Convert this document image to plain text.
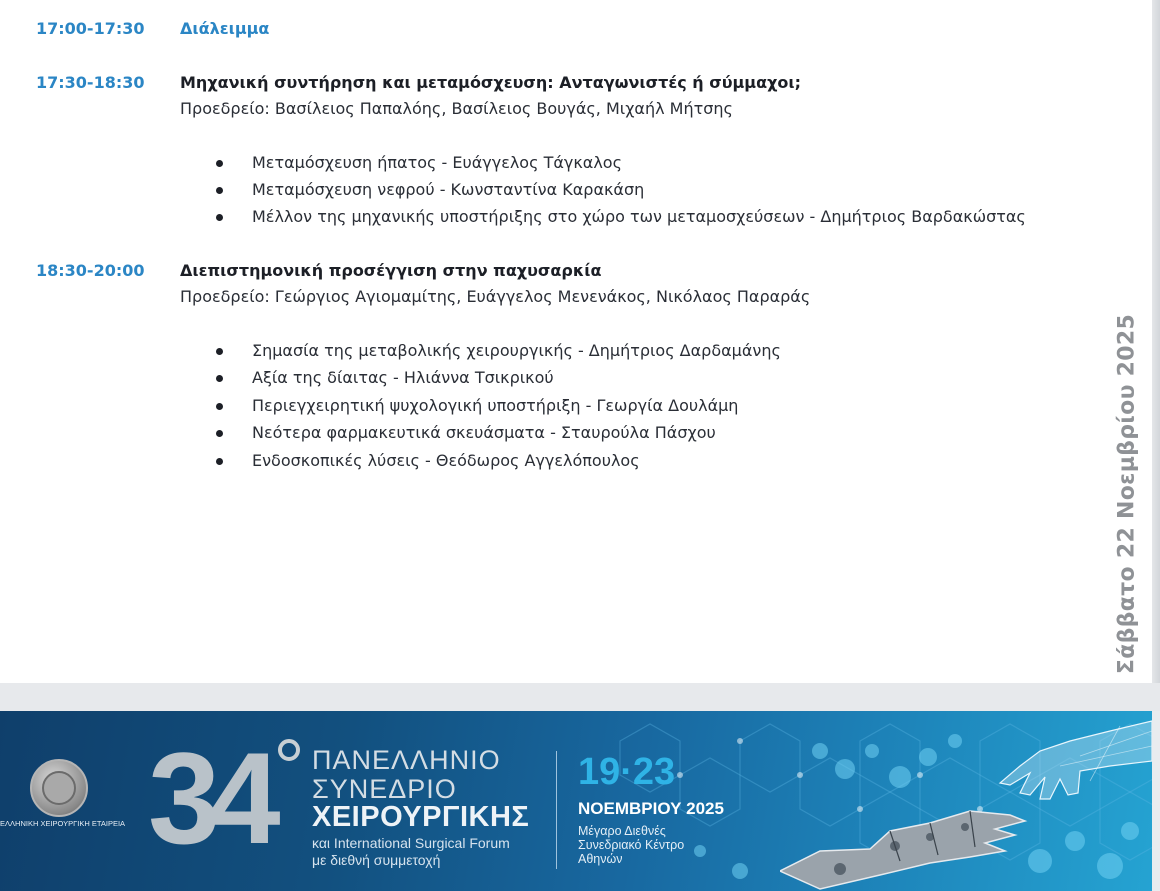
17:00-17:30 Διάλειμμα
17:30-18:30 Μηχανική συντήρηση και μεταμόσχευση: Ανταγωνιστές ή σύμμαχοι;
Προεδρείο: Βασίλειος Παπαλόης, Βασίλειος Βουγάς, Μιχαήλ Μήτσης
Μεταμόσχευση ήπατος - Ευάγγελος Τάγκαλος
Μεταμόσχευση νεφρού - Κωνσταντίνα Καρακάση
Μέλλον της μηχανικής υποστήριξης στο χώρο των μεταμοσχεύσεων - Δημήτριος Βαρδακώστας
18:30-20:00 Διεπιστημονική προσέγγιση στην παχυσαρκία
Προεδρείο: Γεώργιος Αγιομαμίτης, Ευάγγελος Μενενάκος, Νικόλαος Παραράς
Σημασία της μεταβολικής χειρουργικής - Δημήτριος Δαρδαμάνης
Αξία της δίαιτας - Ηλιάννα Τσικρικού
Περιεγχειρητική ψυχολογική υποστήριξη - Γεωργία Δουλάμη
Νεότερα φαρμακευτικά σκευάσματα - Σταυρούλα Πάσχου
Ενδοσκοπικές λύσεις - Θεόδωρος Αγγελόπουλος	Σάββατο 22 Νοεμβρίου 2025
ΕΛΛΗΝΙΚΗ ΧΕΙΡΟΥΡΓΙΚΗ ΕΤΑΙΡΕΙΑ 34 ΠΑΝΕΛΛΗΝΙΟ
ΣΥΝΕΔΡΙΟ
ΧΕΙΡΟΥΡΓΙΚΗΣ
και International Surgical Forum
με διεθνή συμμετοχή
19·23
ΝΟΕΜΒΡΙΟΥ 2025
Μέγαρο Διεθνές
Συνεδριακό Κέντρο
Αθηνών
